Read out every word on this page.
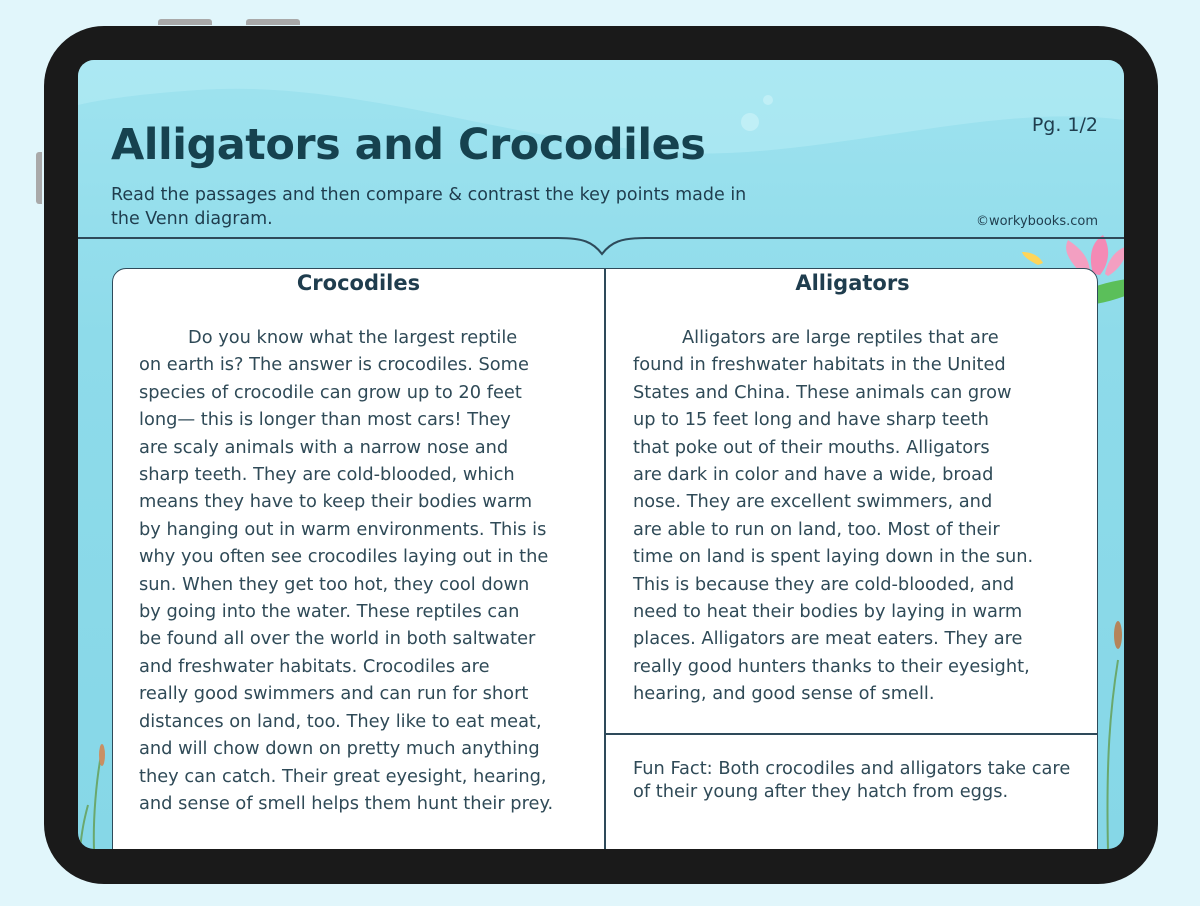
Pg. 1/2
Alligators and Crocodiles
Read the passages and then compare & contrast the key points made in the Venn diagram.	©workybooks.com
Crocodiles	Alligators
Do you know what the largest reptile
on earth is? The answer is crocodiles. Some
species of crocodile can grow up to 20 feet
long— this is longer than most cars! They
are scaly animals with a narrow nose and
sharp teeth. They are cold-blooded, which
means they have to keep their bodies warm
by hanging out in warm environments. This is
why you often see crocodiles laying out in the
sun. When they get too hot, they cool down
by going into the water. These reptiles can
be found all over the world in both saltwater
and freshwater habitats. Crocodiles are
really good swimmers and can run for short
distances on land, too. They like to eat meat,
and will chow down on pretty much anything
they can catch. Their great eyesight, hearing,
and sense of smell helps them hunt their prey.
Alligators are large reptiles that are
found in freshwater habitats in the United
States and China. These animals can grow
up to 15 feet long and have sharp teeth
that poke out of their mouths. Alligators
are dark in color and have a wide, broad
nose. They are excellent swimmers, and
are able to run on land, too. Most of their
time on land is spent laying down in the sun.
This is because they are cold-blooded, and
need to heat their bodies by laying in warm
places. Alligators are meat eaters. They are
really good hunters thanks to their eyesight,
hearing, and good sense of smell.

Fun Fact: Both crocodiles and alligators take care of their young after they hatch from eggs.
